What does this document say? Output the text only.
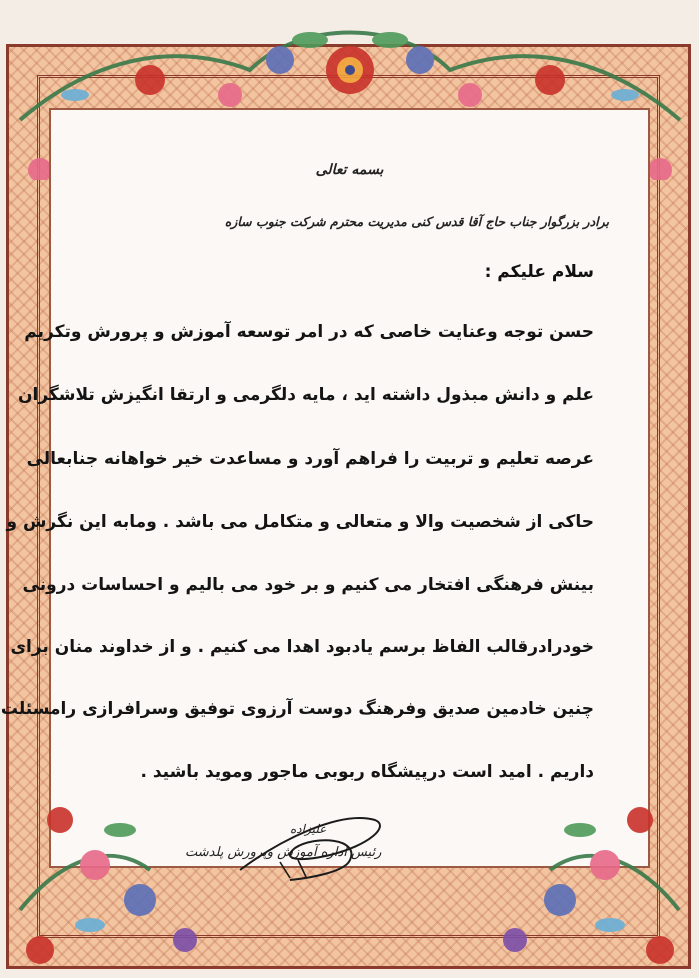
بسمه تعالی
برادر بزرگوار جناب حاج آقا قدس کنی مدیریت محترم شرکت جنوب سازه
سلام علیکم :
حسن توجه وعنایت خاصی که در امر توسعه آموزش و پرورش وتکریم
علم و دانش مبذول داشته اید ، مایه دلگرمی و ارتقا انگیزش تلاشگران
عرصه تعلیم و تربیت را فراهم آورد و مساعدت خیر خواهانه جنابعالی
حاکی از شخصیت والا و متعالی و متکامل می باشد . ومابه این نگرش و
بینش فرهنگی افتخار می کنیم و بر خود می بالیم و احساسات درونی
خودرادرقالب الفاظ برسم یادبود اهدا می کنیم . و از خداوند منان برای
چنین خادمین صدیق وفرهنگ دوست آرزوی توفیق وسرافرازی رامسئلت
داریم . امید است درپیشگاه ربوبی ماجور وموید باشید .
علیزاده
رئیس اداره آموزش وپرورش پلدشت
